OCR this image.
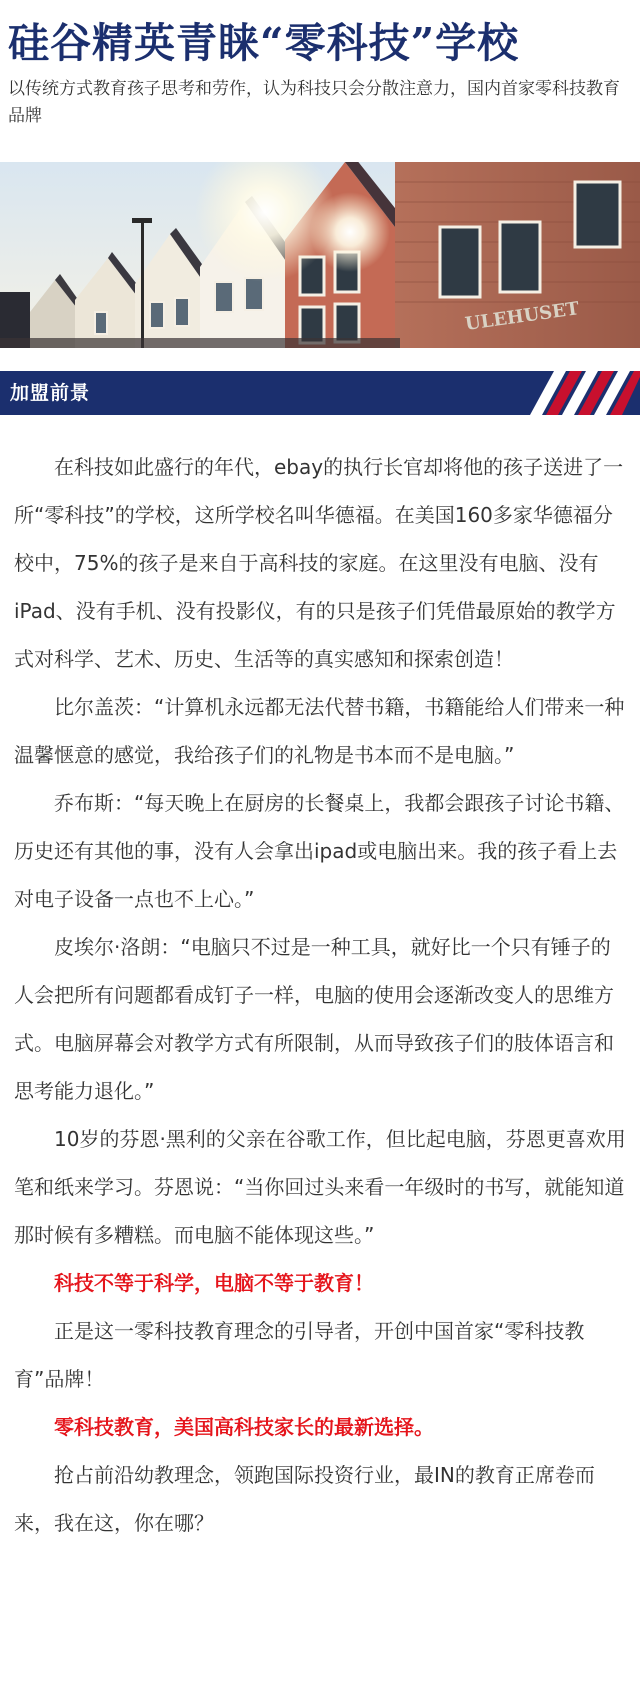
硅谷精英青睐“零科技”学校
以传统方式教育孩子思考和劳作，认为科技只会分散注意力，国内首家零科技教育品牌
ULEHUSET
加盟前景

在科技如此盛行的年代，ebay的执行长官却将他的孩子送进了一所“零科技”的学校，这所学校名叫华德福。在美国160多家华德福分校中，75%的孩子是来自于高科技的家庭。在这里没有电脑、没有iPad、没有手机、没有投影仪，有的只是孩子们凭借最原始的教学方式对科学、艺术、历史、生活等的真实感知和探索创造！

比尔盖茨：“计算机永远都无法代替书籍，书籍能给人们带来一种温馨惬意的感觉，我给孩子们的礼物是书本而不是电脑。”

乔布斯：“每天晚上在厨房的长餐桌上，我都会跟孩子讨论书籍、历史还有其他的事，没有人会拿出ipad或电脑出来。我的孩子看上去对电子设备一点也不上心。”

皮埃尔·洛朗：“电脑只不过是一种工具，就好比一个只有锤子的人会把所有问题都看成钉子一样，电脑的使用会逐渐改变人的思维方式。电脑屏幕会对教学方式有所限制，从而导致孩子们的肢体语言和思考能力退化。”

10岁的芬恩·黑利的父亲在谷歌工作，但比起电脑，芬恩更喜欢用笔和纸来学习。芬恩说：“当你回过头来看一年级时的书写，就能知道那时候有多糟糕。而电脑不能体现这些。”

科技不等于科学，电脑不等于教育！

正是这一零科技教育理念的引导者，开创中国首家“零科技教育”品牌！

零科技教育，美国高科技家长的最新选择。

抢占前沿幼教理念，领跑国际投资行业，最IN的教育正席卷而来，我在这，你在哪？
